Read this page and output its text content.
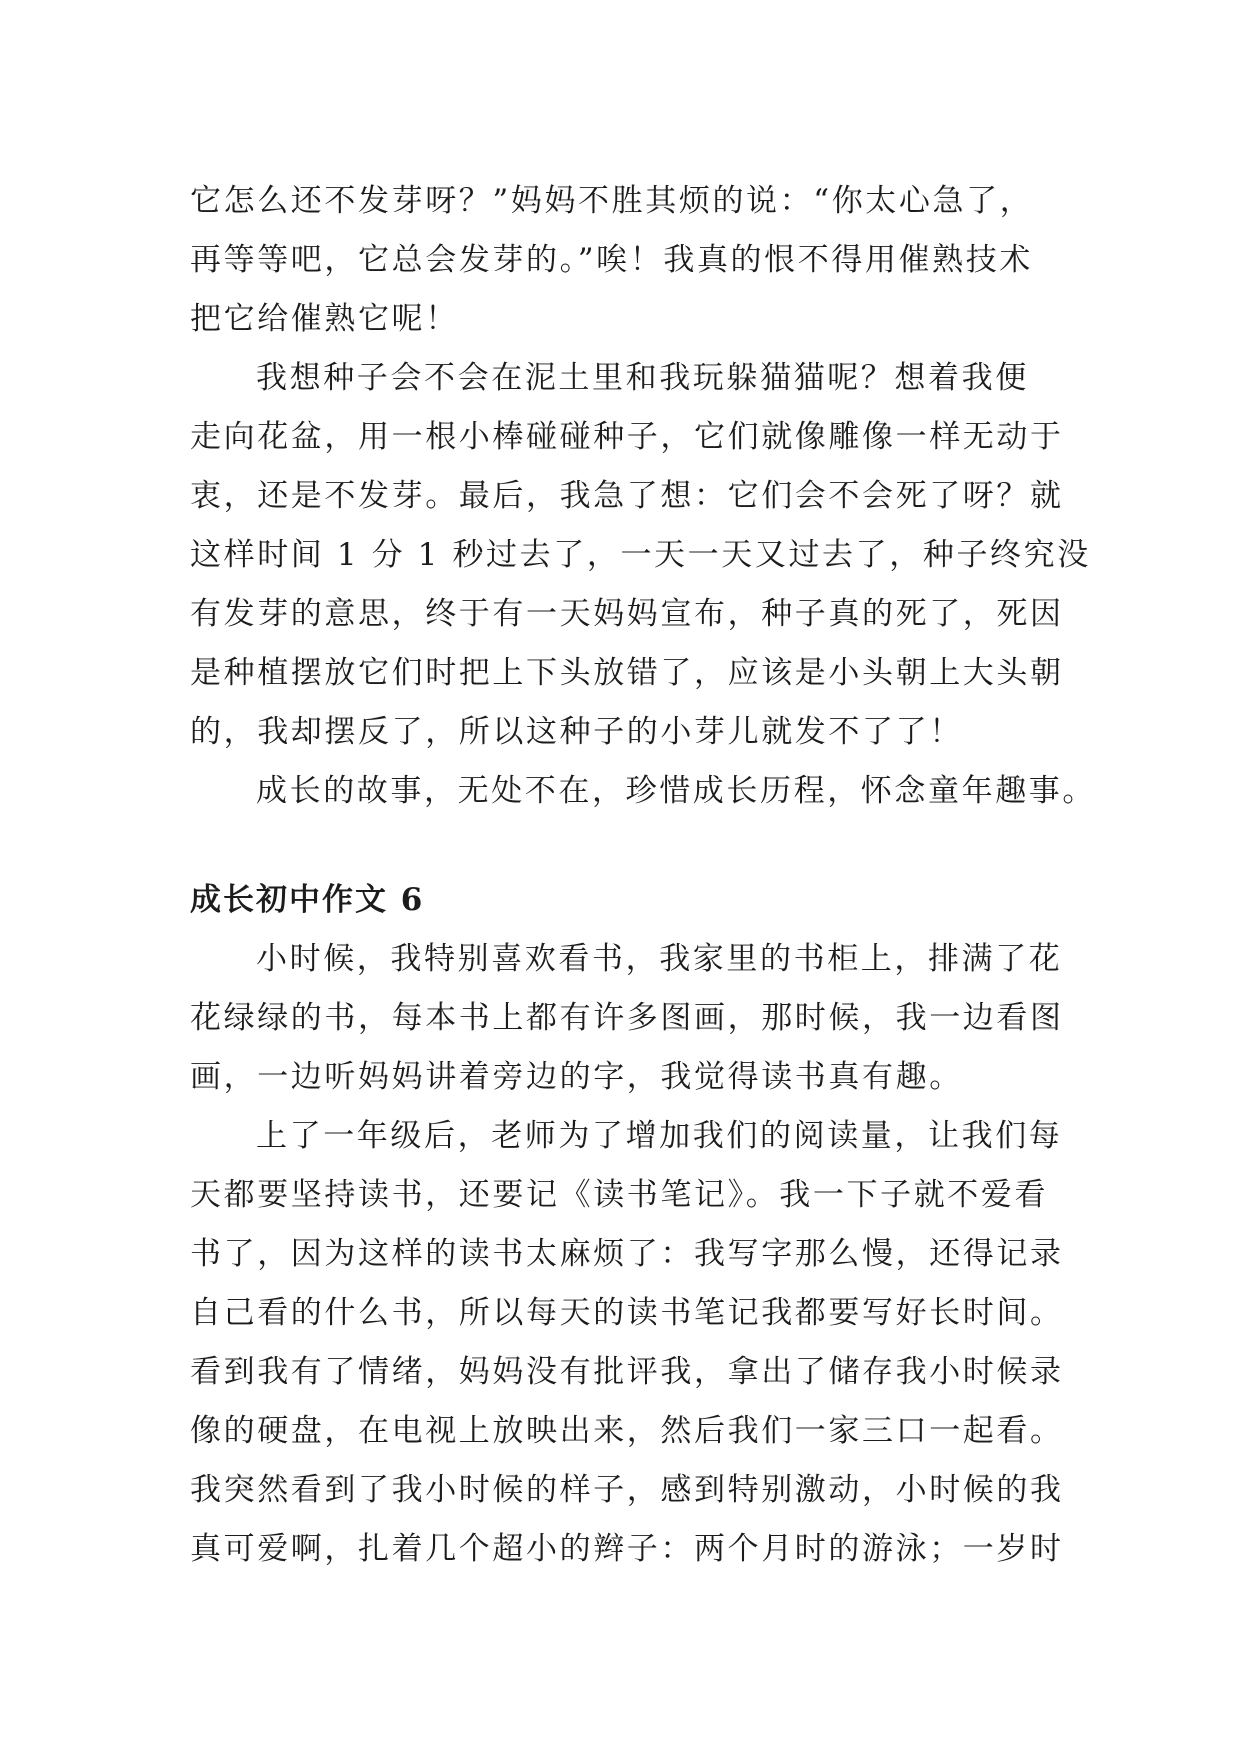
它怎么还不发芽呀？”妈妈不胜其烦的说：“你太心急了，
再等等吧，它总会发芽的。”唉！我真的恨不得用催熟技术
把它给催熟它呢！

我想种子会不会在泥土里和我玩躲猫猫呢？想着我便
走向花盆，用一根小棒碰碰种子，它们就像雕像一样无动于
衷，还是不发芽。最后，我急了想：它们会不会死了呀？就
这样时间 1 分 1 秒过去了，一天一天又过去了，种子终究没
有发芽的意思，终于有一天妈妈宣布，种子真的死了，死因
是种植摆放它们时把上下头放错了，应该是小头朝上大头朝
的，我却摆反了，所以这种子的小芽儿就发不了了！

成长的故事，无处不在，珍惜成长历程，怀念童年趣事。

成长初中作文 6

小时候，我特别喜欢看书，我家里的书柜上，排满了花
花绿绿的书，每本书上都有许多图画，那时候，我一边看图
画，一边听妈妈讲着旁边的字，我觉得读书真有趣。

上了一年级后，老师为了增加我们的阅读量，让我们每
天都要坚持读书，还要记《读书笔记》。我一下子就不爱看
书了，因为这样的读书太麻烦了：我写字那么慢，还得记录
自己看的什么书，所以每天的读书笔记我都要写好长时间。
看到我有了情绪，妈妈没有批评我，拿出了储存我小时候录
像的硬盘，在电视上放映出来，然后我们一家三口一起看。
我突然看到了我小时候的样子，感到特别激动，小时候的我
真可爱啊，扎着几个超小的辫子：两个月时的游泳；一岁时
